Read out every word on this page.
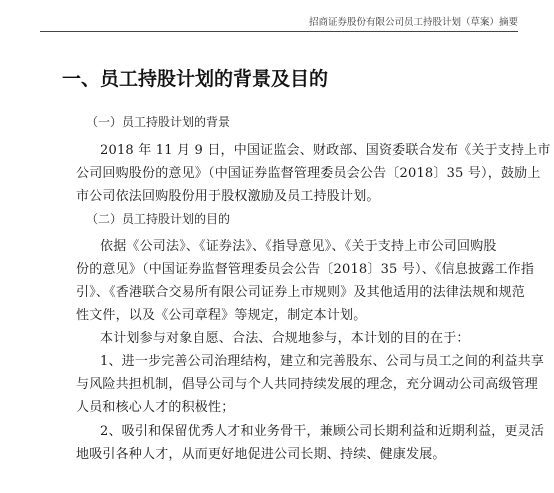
招商证券股份有限公司员工持股计划（草案）摘要
一、员工持股计划的背景及目的
（一）员工持股计划的背景
2018 年 11 月 9 日，中国证监会、财政部、国资委联合发布《关于支持上市
公司回购股份的意见》（中国证券监督管理委员会公告〔2018〕35 号），鼓励上
市公司依法回购股份用于股权激励及员工持股计划。
（二）员工持股计划的目的
依据《公司法》、《证券法》、《指导意见》、《关于支持上市公司回购股
份的意见》（中国证券监督管理委员会公告〔2018〕35 号）、《信息披露工作指
引》、《香港联合交易所有限公司证券上市规则》及其他适用的法律法规和规范
性文件，以及《公司章程》等规定，制定本计划。
本计划参与对象自愿、合法、合规地参与，本计划的目的在于：
1、进一步完善公司治理结构，建立和完善股东、公司与员工之间的利益共享
与风险共担机制，倡导公司与个人共同持续发展的理念，充分调动公司高级管理
人员和核心人才的积极性；
2、吸引和保留优秀人才和业务骨干，兼顾公司长期利益和近期利益，更灵活
地吸引各种人才，从而更好地促进公司长期、持续、健康发展。
